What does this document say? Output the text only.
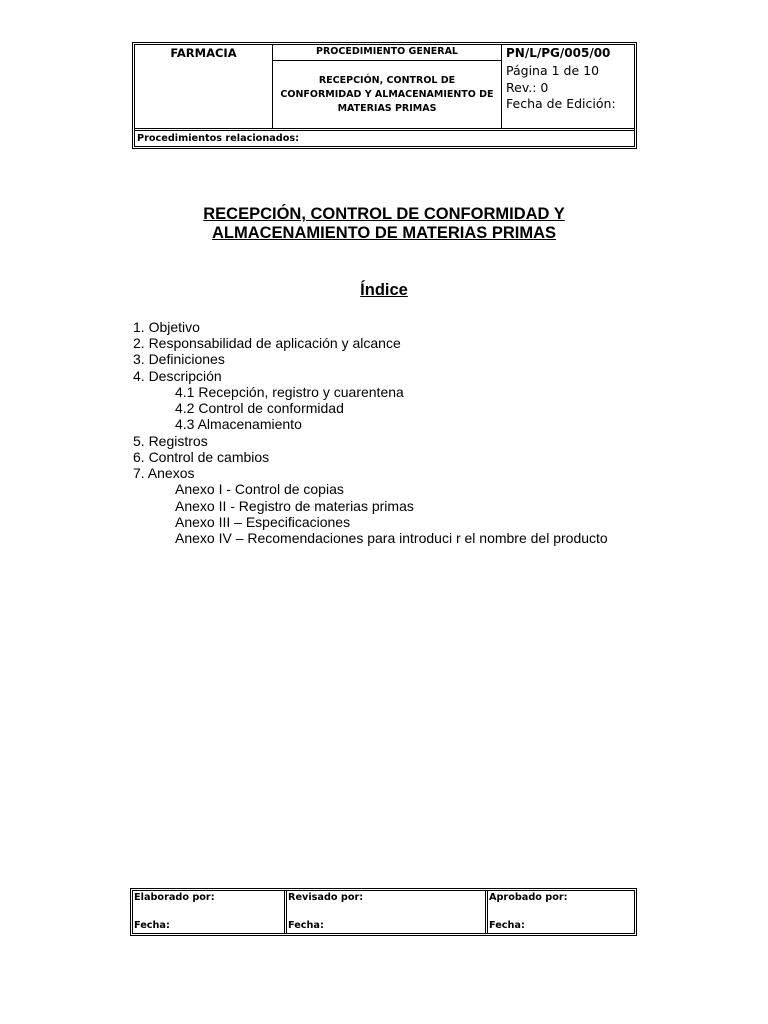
FARMACIA	PROCEDIMIENTO GENERAL
RECEPCIÓN, CONTROL DE
CONFORMIDAD Y ALMACENAMIENTO DE
MATERIAS PRIMAS
PN/L/PG/005/00
Página 1 de 10
Rev.: 0
Fecha de Edición:
Procedimientos relacionados:
RECEPCIÓN, CONTROL DE CONFORMIDAD Y
ALMACENAMIENTO DE MATERIAS PRIMAS
Índice
1. Objetivo
2. Responsabilidad de aplicación y alcance
3. Definiciones
4. Descripción
4.1 Recepción, registro y cuarentena
4.2 Control de conformidad
4.3 Almacenamiento
5. Registros
6. Control de cambios
7. Anexos
Anexo I - Control de copias
Anexo II - Registro de materias primas
Anexo III – Especificaciones
Anexo IV – Recomendaciones para introduci r el nombre del producto
Elaborado por:
Fecha:
Revisado por:
Fecha:
Aprobado por:
Fecha:
